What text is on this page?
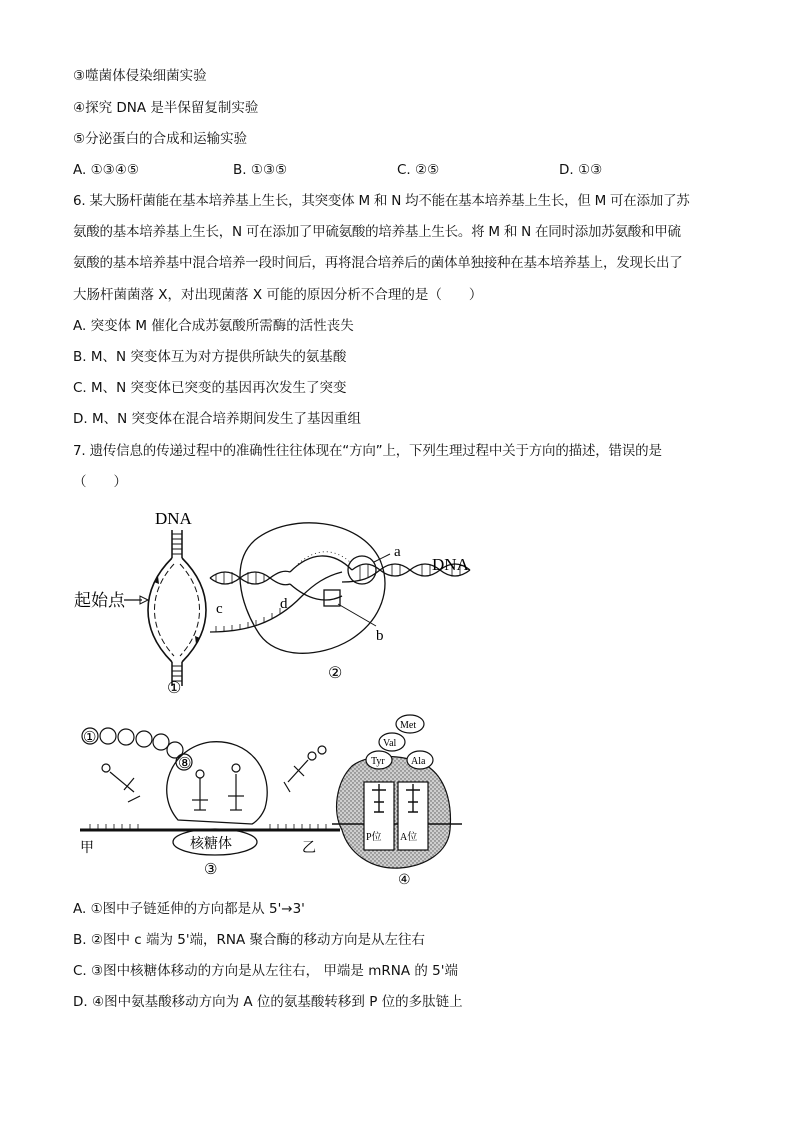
③噬菌体侵染细菌实验
④探究 DNA 是半保留复制实验
⑤分泌蛋白的合成和运输实验
A. ①③④⑤	B. ①③⑤	C. ②⑤	D. ①③
6. 某大肠杆菌能在基本培养基上生长，其突变体 M 和 N 均不能在基本培养基上生长，但 M 可在添加了苏
氨酸的基本培养基上生长，N 可在添加了甲硫氨酸的培养基上生长。将 M 和 N 在同时添加苏氨酸和甲硫
氨酸的基本培养基中混合培养一段时间后，再将混合培养后的菌体单独接种在基本培养基上，发现长出了
大肠杆菌菌落 X，对出现菌落 X 可能的原因分析不合理的是（　　）
A. 突变体 M 催化合成苏氨酸所需酶的活性丧失
B. M、N 突变体互为对方提供所缺失的氨基酸
C. M、N 突变体已突变的基因再次发生了突变
D. M、N 突变体在混合培养期间发生了基因重组
7. 遗传信息的传递过程中的准确性往往体现在“方向”上，下列生理过程中关于方向的描述，错误的是
（　　）
DNA
起始点
①
a
DNA
c	d
b
②
①
⑧
核糖体
甲	乙
③
P位 A位
Met
Val
Tyr	Ala
④
A. ①图中子链延伸的方向都是从 5'→3'
B. ②图中 c 端为 5'端，RNA 聚合酶的移动方向是从左往右
C. ③图中核糖体移动的方向是从左往右， 甲端是 mRNA 的 5'端
D. ④图中氨基酸移动方向为 A 位的氨基酸转移到 P 位的多肽链上
